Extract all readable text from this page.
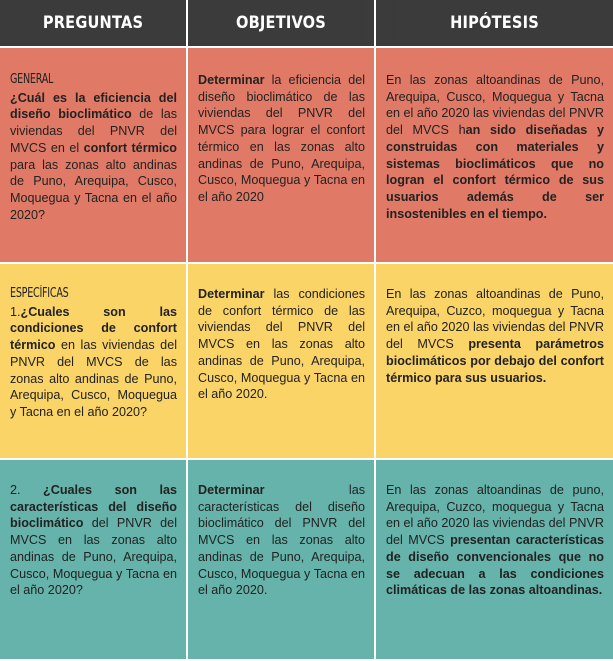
PREGUNTAS	OBJETIVOS	HIPÓTESIS
GENERAL
¿Cuál es la eficiencia del diseño bioclimático de las viviendas del PNVR del MVCS en el confort térmico para las zonas alto andinas de Puno, Arequipa, Cusco, Moquegua y Tacna en el año 2020?
Determinar la eficiencia del diseño bioclimático de las viviendas del PNVR del MVCS para lograr el confort térmico en las zonas alto andinas de Puno, Arequipa, Cusco, Moquegua y Tacna en el año 2020
En las zonas altoandinas de Puno, Arequipa, Cusco, Moquegua y Tacna en el año 2020 las viviendas del PNVR del MVCS han sido diseñadas y construidas con materiales y sistemas bioclimáticos que no logran el confort térmico de sus usuarios además de ser insostenibles en el tiempo.
ESPECÍFICAS
1.¿Cuales son las condiciones de confort térmico en las viviendas del PNVR del MVCS de las zonas alto andinas de Puno, Arequipa, Cusco, Moquegua y Tacna en el año 2020?
Determinar las condiciones de confort térmico de las viviendas del PNVR del MVCS en las zonas alto andinas de Puno, Arequipa, Cusco, Moquegua y Tacna en el año 2020.
En las zonas altoandinas de Puno, Arequipa, Cuzco, moquegua y Tacna en el año 2020 las viviendas del PNVR del MVCS presenta parámetros bioclimáticos por debajo del confort térmico para sus usuarios.
2. ¿Cuales son las características del diseño bioclimático del PNVR del MVCS en las zonas alto andinas de Puno, Arequipa, Cusco, Moquegua y Tacna en el año 2020?
Determinar las características del diseño bioclimático del PNVR del MVCS en las zonas alto andinas de Puno, Arequipa, Cusco, Moquegua y Tacna en el año 2020.
En las zonas altoandinas de puno, Arequipa, Cuzco, moquegua y Tacna en el año 2020 las viviendas del PNVR del MVCS presentan características de diseño convencionales que no se adecuan a las condiciones climáticas de las zonas altoandinas.
